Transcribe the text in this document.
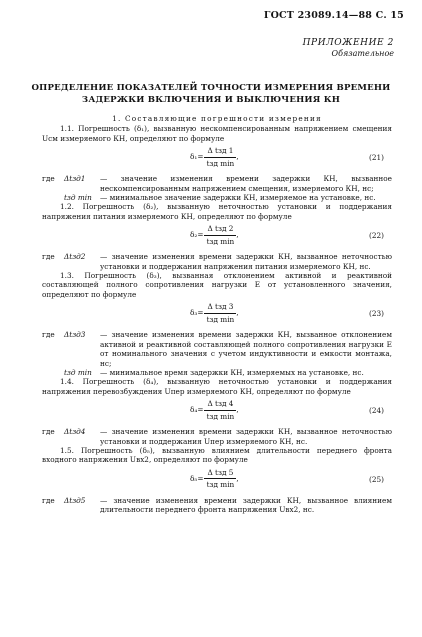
ГОСТ 23089.14—88 С. 15
ПРИЛОЖЕНИЕ 2
Обязательное
ОПРЕДЕЛЕНИЕ ПОКАЗАТЕЛЕЙ ТОЧНОСТИ ИЗМЕРЕНИЯ ВРЕМЕНИ
ЗАДЕРЖКИ ВКЛЮЧЕНИЯ И ВЫКЛЮЧЕНИЯ КН

1. Составляющие погрешности измерения

1.1. Погрешность (δ₁), вызванную нескомпенсированным напряжением смещения Uсм измеряемого КН, определяют по формуле

$\delta_1= \frac{\text{Δ tзд 1}}{\text{tзд min}}$ ,	(21)
где	Δtзд1	— значение изменения времени задержки КН, вызванное нескомпенсированным напряжением смещения, измеряемого КН, нс;
tзд min	— минимальное значение задержки КН, измеряемое на установке, нс.

1.2. Погрешность (δ₂), вызванную неточностью установки и поддержания напряжения питания измеряемого КН, определяют по формуле

$\delta_2= \frac{\text{Δ tзд 2}}{\text{tзд min}}$ ,	(22)
где	Δtзд2	— значение изменения времени задержки КН, вызванное неточностью установки и поддержания напряжения питания измеряемого КН, нс.

1.3. Погрешность (δ₃), вызванная отклонением активной и реактивной составляющей полного сопротивления нагрузки E от установленного значения, определяют по формуле

$\delta_3= \frac{\text{Δ tзд 3}}{\text{tзд min}}$ ,	(23)
где	Δtзд3	— значение изменения времени задержки КН, вызванное отклонением активной и реактивной составляющей полного сопротивления нагрузки E от номинального значения с учетом индуктивности и емкости монтажа, нс;
tзд min	— минимальное время задержки КН, измеряемых на установке, нс.

1.4. Погрешность (δ₄), вызванную неточностью установки и поддержания напряжения перевозбуждения Uпер измеряемого КН, определяют по формуле

$\delta_4= \frac{\text{Δ tзд 4}}{\text{tзд min}}$ ,	(24)
где	Δtзд4	— значение изменения времени задержки КН, вызванное неточностью установки и поддержания Uпер измеряемого КН, нс.

1.5. Погрешность (δ₅), вызванную влиянием длительности переднего фронта входного напряжения Uвх2, определяют по формуле

$\delta_5= \frac{\text{Δ tзд 5}}{\text{tзд min}}$ ,	(25)
где	Δtзд5	— значение изменения времени задержки КН, вызванное влиянием длительности переднего фронта напряжения Uвх2, нс.
